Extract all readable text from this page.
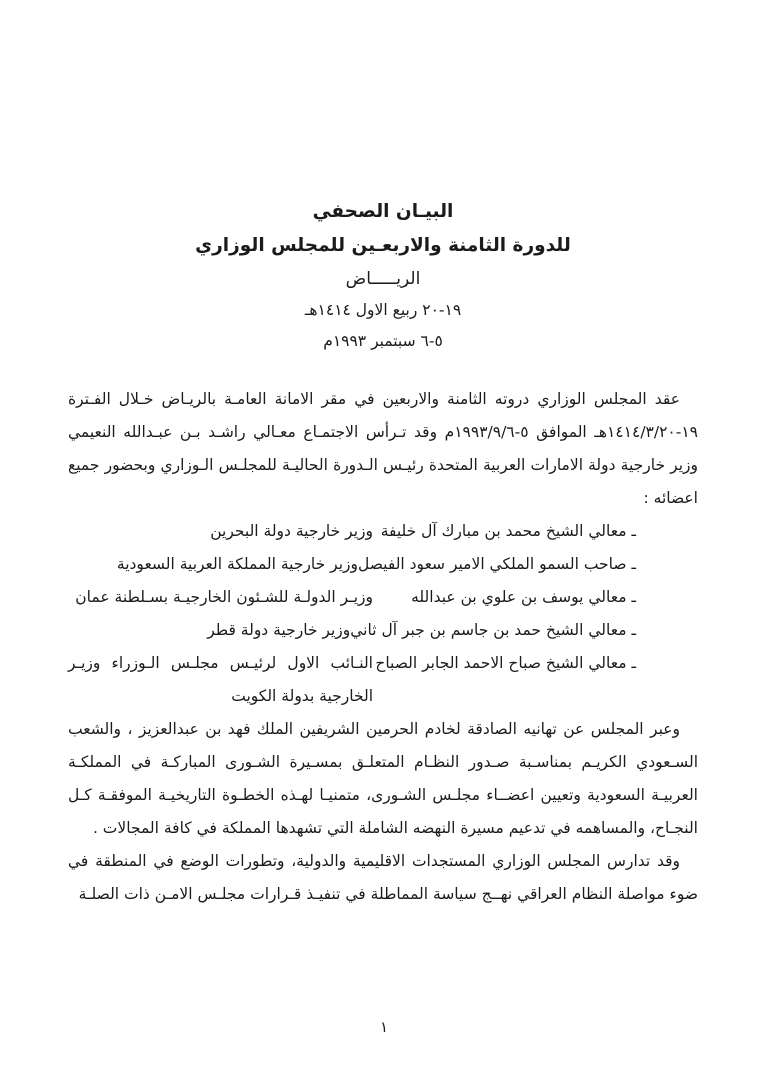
البيـان الصحفي
للدورة الثامنة والاربعـين للمجلس الوزاري
الريـــــاض
١٩-٢٠ ربيع الاول ١٤١٤هـ
٥-٦ سبتمبر ١٩٩٣م

عقد المجلس الوزاري دروته الثامنة والاربعين في مقر الامانة العامـة بالريـاض خـلال الفـترة ١٩-١٤١٤/٣/٢٠هـ الموافق ٥-١٩٩٣/٩/٦م وقد تـرأس الاجتمـاع معـالي راشـد بـن عبـدالله النعيمي وزير خارجية دولة الامارات العربية المتحدة رئيـس الـدورة الحاليـة للمجلـس الـوزاري وبحضور جميع اعضائه :

ـ معالي الشيخ محمد بن مبارك آل خليفة
وزير خارجية دولة البحرين
ـ صاحب السمو الملكي الامير سعود الفيصل
وزير خارجية المملكة العربية السعودية
ـ معالي يوسف بن علوي بن عبدالله
وزيـر الدولـة للشـئون الخارجيـة بسـلطنة عمان
ـ معالي الشيخ حمد بن جاسم بن جبر آل ثاني
وزير خارجية دولة قطر
ـ معالي الشيخ صباح الاحمد الجابر الصباح
النـائب الاول لرئيـس مجلـس الـوزراء وزيـر الخارجية بدولة الكويت

وعبر المجلس عن تهانيه الصادقة لخادم الحرمين الشريفين الملك فهد بن عبدالعزيز ، والشعب السـعودي الكريـم بمناسـبة صـدور النظـام المتعلـق بمسـيرة الشـورى المباركـة في المملكـة العربيـة السعودية وتعيين اعضــاء مجلـس الشـورى، متمنيـا لهـذه الخطـوة التاريخيـة الموفقـة كـل النجـاح، والمساهمه في تدعيم مسيرة النهضه الشاملة التي تشهدها المملكة في كافة المجالات .

وقد تدارس المجلس الوزاري المستجدات الاقليمية والدولية، وتطورات الوضع في المنطقة في ضوء مواصلة النظام العراقي نهــج سياسة المماطلة في تنفيـذ قـرارات مجلـس الامـن ذات الصلـة

١
